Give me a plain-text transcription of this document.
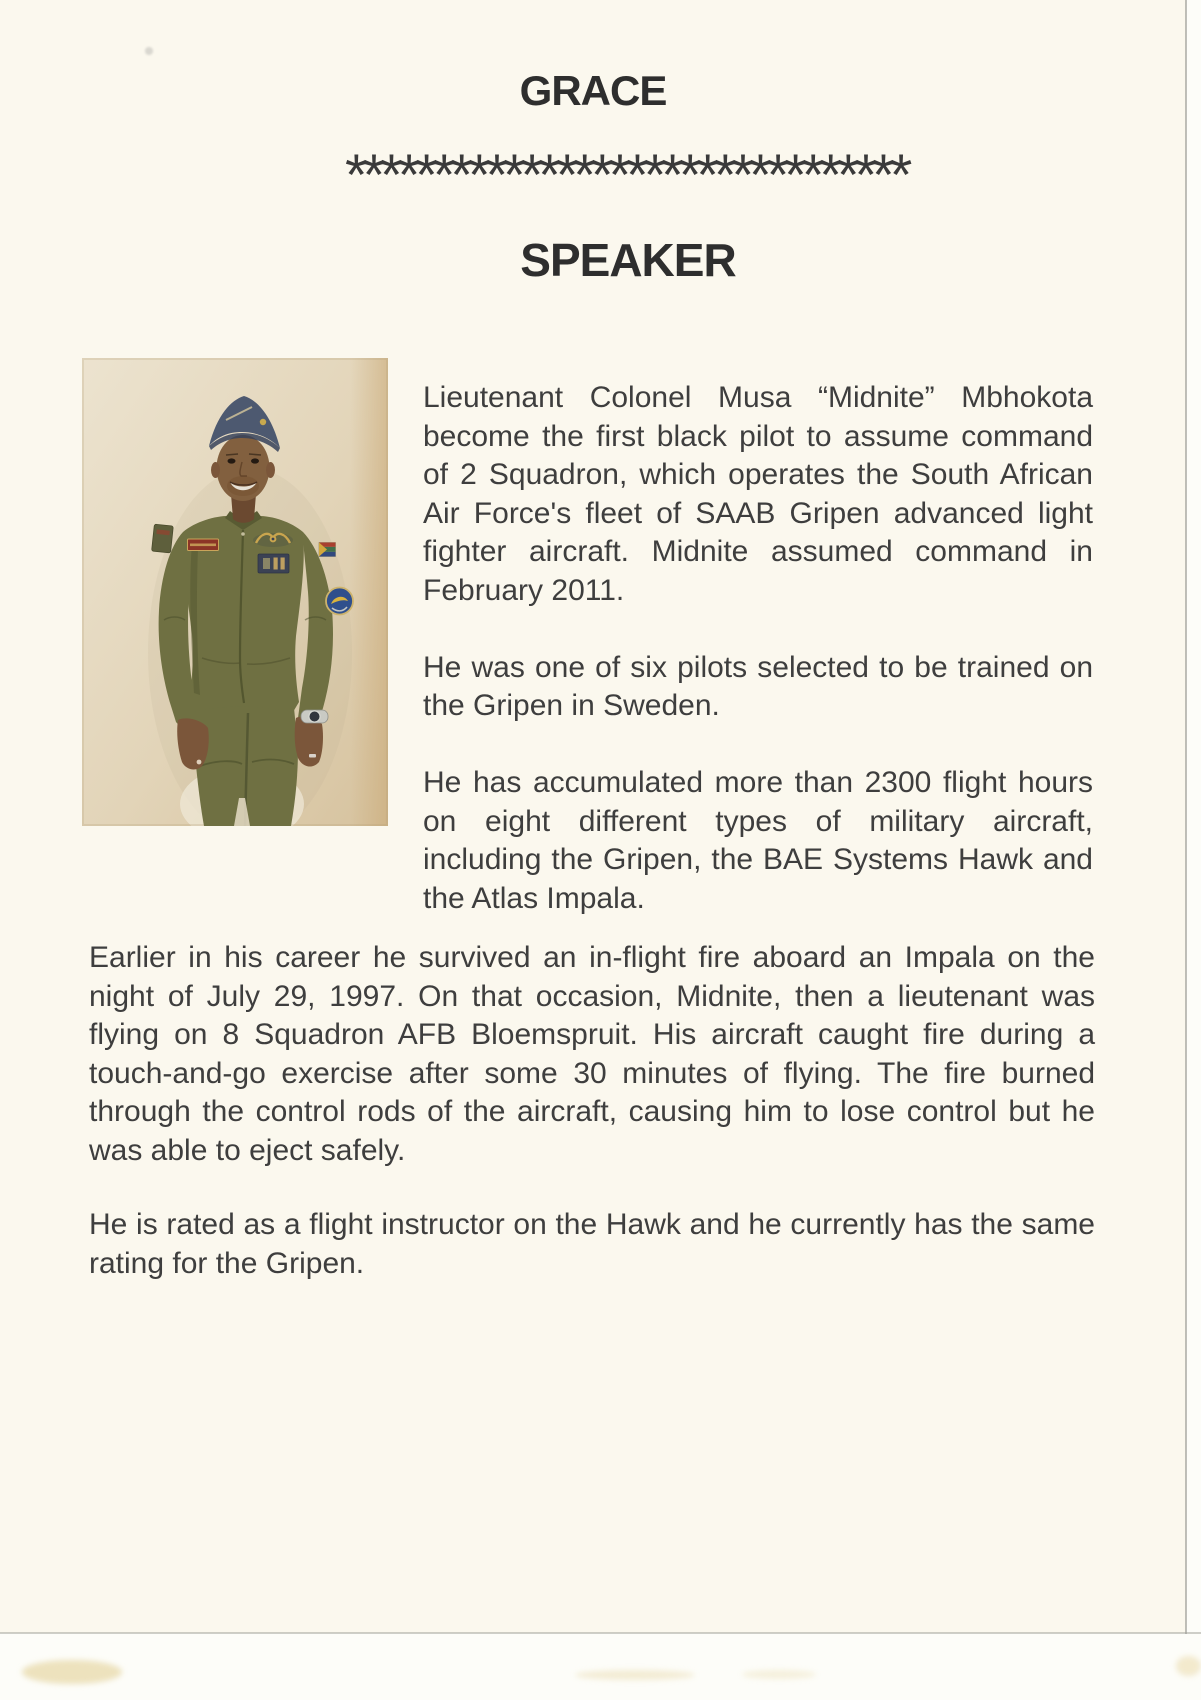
GRACE
********************************
SPEAKER

Lieutenant Colonel Musa “Midnite” Mbhokota become the first black pilot to assume command of 2 Squadron, which operates the South African Air Force's fleet of SAAB Gripen advanced light fighter aircraft. Midnite assumed command in February 2011.

He was one of six pilots selected to be trained on the Gripen in Sweden.

He has accumulated more than 2300 flight hours on eight different types of military aircraft, including the Gripen, the BAE Systems Hawk and the Atlas Impala.

Earlier in his career he survived an in-flight fire aboard an Impala on the night of July 29, 1997. On that occasion, Midnite, then a lieutenant was flying on 8 Squadron AFB Bloemspruit. His aircraft caught fire during a touch-and-go exercise after some 30 minutes of flying. The fire burned through the control rods of the aircraft, causing him to lose control but he was able to eject safely.

He is rated as a flight instructor on the Hawk and he currently has the same rating for the Gripen.
